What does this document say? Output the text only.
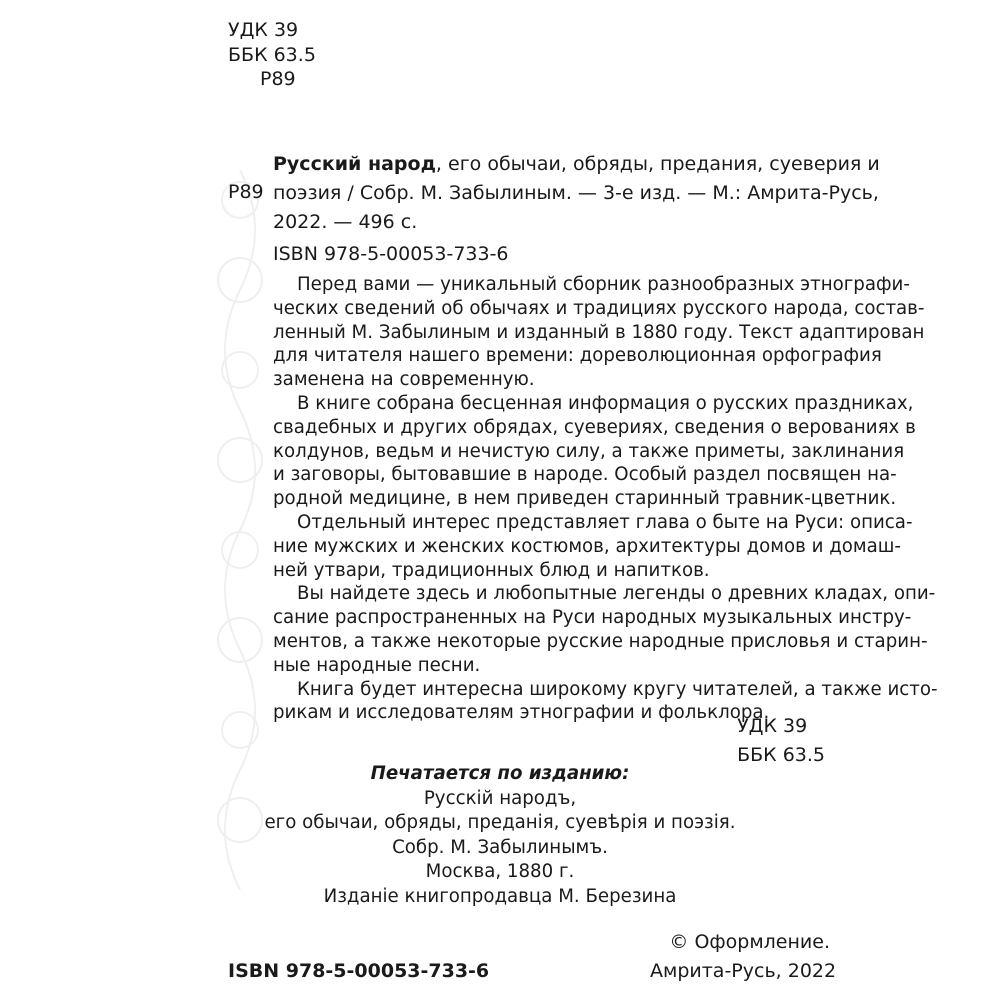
УДК 39
ББК 63.5
Р89
Р89
Русский народ, его обычаи, обряды, предания, суеверия и
поэзия / Собр. М. Забылиным. — 3-е изд. — М.: Амрита-Русь,
2022. — 496 с.
ISBN 978-5-00053-733-6
Перед вами — уникальный сборник разнообразных этнографи-
ческих сведений об обычаях и традициях русского народа, состав-
ленный М. Забылиным и изданный в 1880 году. Текст адаптирован
для читателя нашего времени: дореволюционная орфография
заменена на современную.
В книге собрана бесценная информация о русских праздниках,
свадебных и других обрядах, суевериях, сведения о верованиях в
колдунов, ведьм и нечистую силу, а также приметы, заклинания
и заговоры, бытовавшие в народе. Особый раздел посвящен на-
родной медицине, в нем приведен старинный травник-цветник.
Отдельный интерес представляет глава о быте на Руси: описа-
ние мужских и женских костюмов, архитектуры домов и домаш-
ней утвари, традиционных блюд и напитков.
Вы найдете здесь и любопытные легенды о древних кладах, опи-
сание распространенных на Руси народных музыкальных инстру-
ментов, а также некоторые русские народные присловья и старин-
ные народные песни.
Книга будет интересна широкому кругу читателей, а также исто-
рикам и исследователям этнографии и фольклора.
УДК 39
ББК 63.5
Печатается по изданию:
Русскiй народъ,
его обычаи, обряды, преданiя, суевѣрiя и поэзiя.
Собр. М. Забылинымъ.
Москва, 1880 г.
Изданiе книгопродавца М. Березина
© Оформление.
Амрита-Русь, 2022
ISBN 978-5-00053-733-6
